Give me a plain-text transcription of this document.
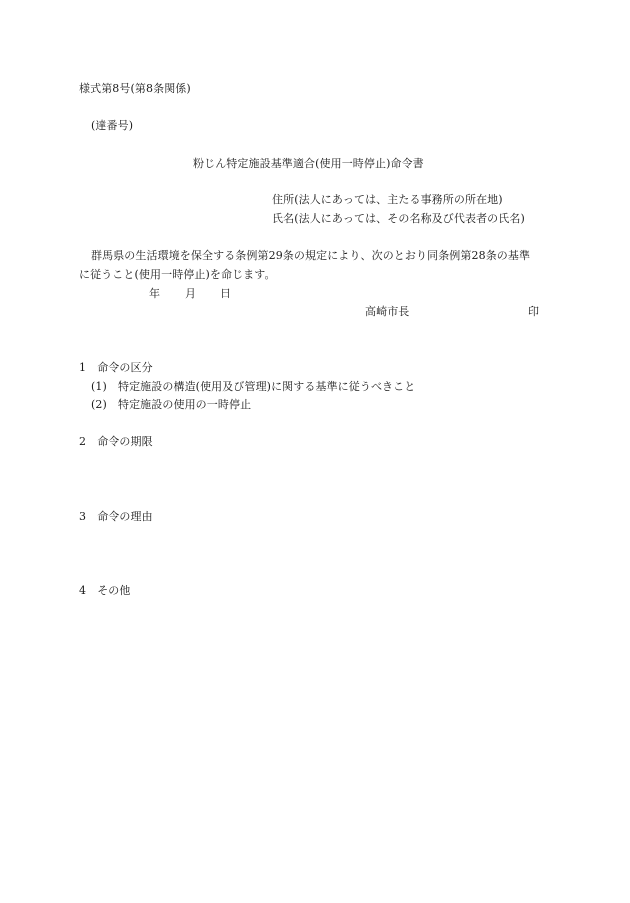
様式第8号(第8条関係)
(達番号)
粉じん特定施設基準適合(使用一時停止)命令書
住所(法人にあっては、主たる事務所の所在地)
氏名(法人にあっては、その名称及び代表者の氏名)
群馬県の生活環境を保全する条例第29条の規定により、次のとおり同条例第28条の基準
に従うこと(使用一時停止)を命じます。
年 月 日
高崎市長	印
1　命令の区分
(1)　特定施設の構造(使用及び管理)に関する基準に従うべきこと
(2)　特定施設の使用の一時停止
2　命令の期限
3　命令の理由
4　その他
